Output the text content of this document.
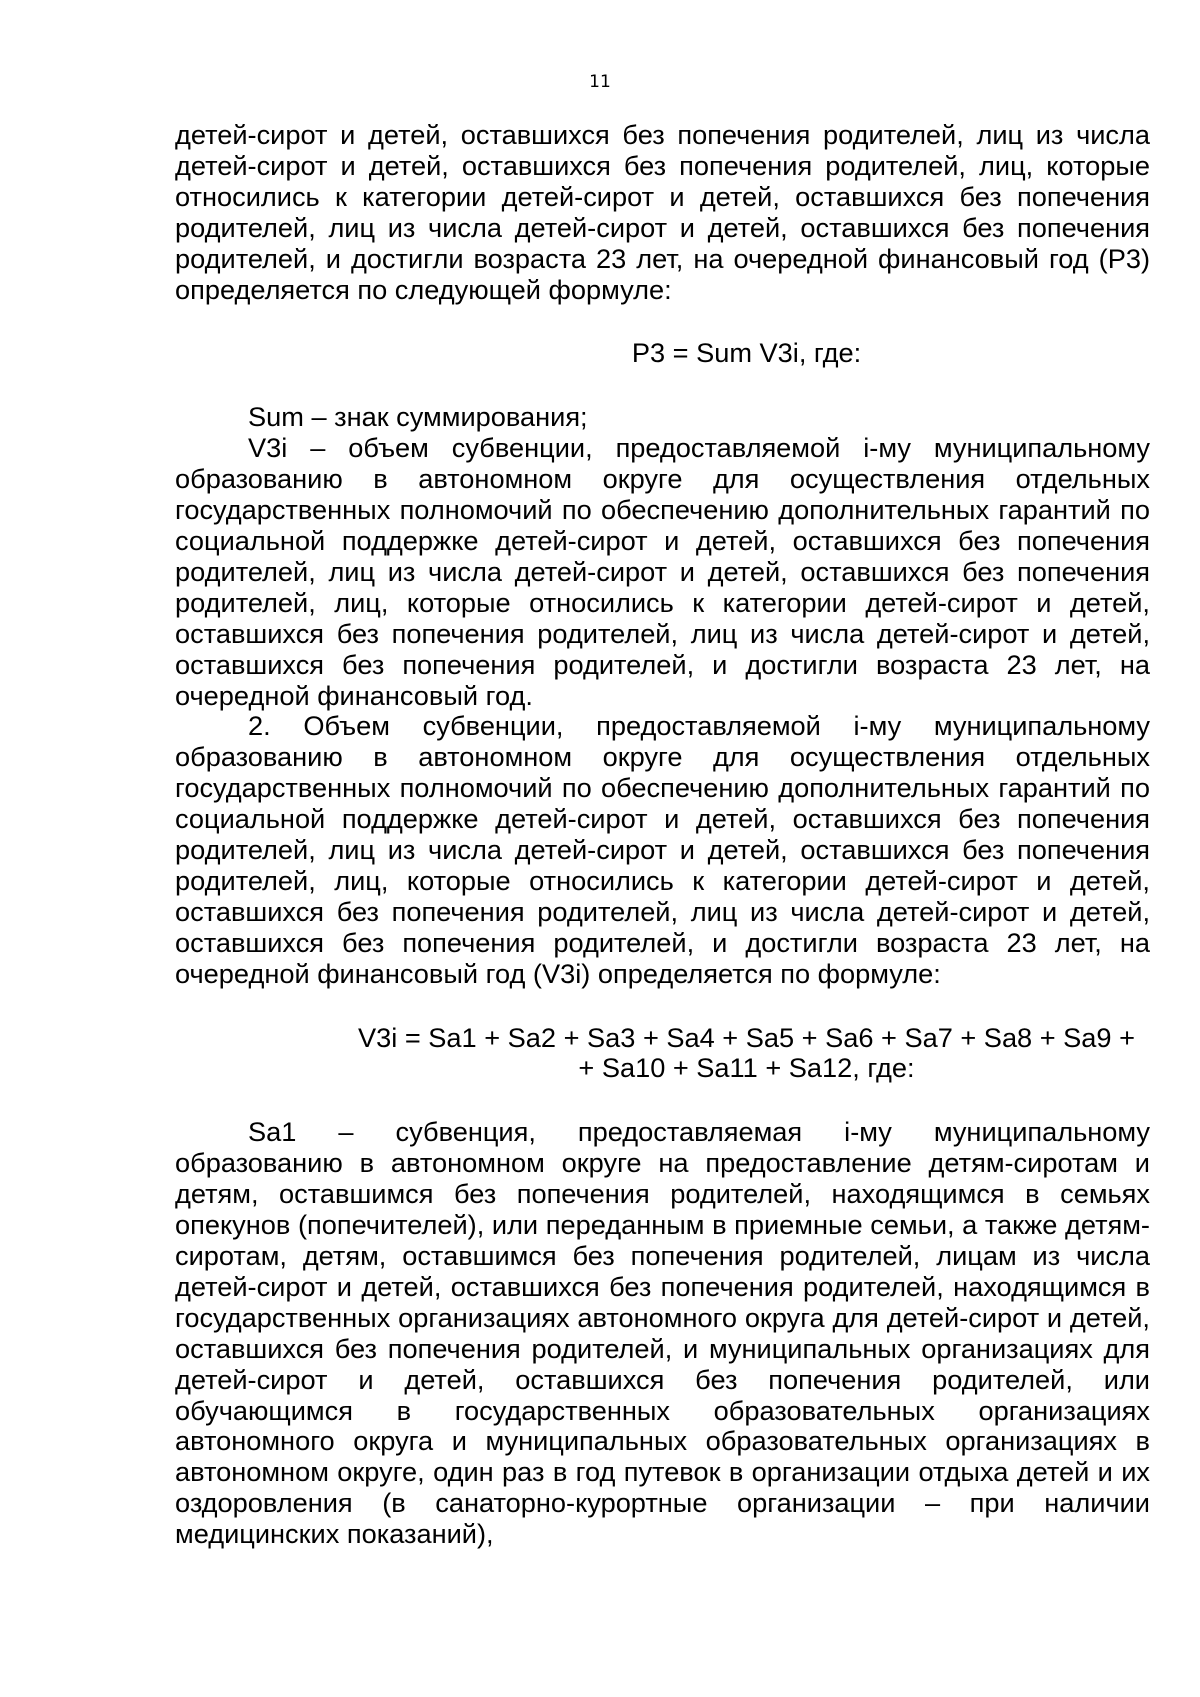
11

детей-сирот и детей, оставшихся без попечения родителей, лиц из числа детей-сирот и детей, оставшихся без попечения родителей, лиц, которые относились к категории детей-сирот и детей, оставшихся без попечения родителей, лиц из числа детей-сирот и детей, оставшихся без попечения родителей, и достигли возраста 23 лет, на очередной финансовый год (Р3) определяется по следующей формуле:

Р3 = Sum V3i, где:

Sum – знак суммирования;

V3i – объем субвенции, предоставляемой i-му муниципальному образованию в автономном округе для осуществления отдельных государственных полномочий по обеспечению дополнительных гарантий по социальной поддержке детей-сирот и детей, оставшихся без попечения родителей, лиц из числа детей-сирот и детей, оставшихся без попечения родителей, лиц, которые относились к категории детей-сирот и детей, оставшихся без попечения родителей, лиц из числа детей-сирот и детей, оставшихся без попечения родителей, и достигли возраста 23 лет, на очередной финансовый год.

2. Объем субвенции, предоставляемой i-му муниципальному образованию в автономном округе для осуществления отдельных государственных полномочий по обеспечению дополнительных гарантий по социальной поддержке детей-сирот и детей, оставшихся без попечения родителей, лиц из числа детей-сирот и детей, оставшихся без попечения родителей, лиц, которые относились к категории детей-сирот и детей, оставшихся без попечения родителей, лиц из числа детей-сирот и детей, оставшихся без попечения родителей, и достигли возраста 23 лет, на очередной финансовый год (V3i) определяется по формуле:

V3i = Sa1 + Sa2 + Sa3 + Sa4 + Sa5 + Sa6 + Sa7 + Sa8 + Sa9 +
+ Sa10 + Sa11 + Sa12, где:

Sa1 – субвенция, предоставляемая i-му муниципальному образованию в автономном округе на предоставление детям-сиротам и детям, оставшимся без попечения родителей, находящимся в семьях опекунов (попечителей), или переданным в приемные семьи, а также детям-сиротам, детям, оставшимся без попечения родителей, лицам из числа детей-сирот и детей, оставшихся без попечения родителей, находящимся в государственных организациях автономного округа для детей-сирот и детей, оставшихся без попечения родителей, и муниципальных организациях для детей-сирот и детей, оставшихся без попечения родителей, или обучающимся в государственных образовательных организациях автономного округа и муниципальных образовательных организациях в автономном округе, один раз в год путевок в организации отдыха детей и их оздоровления (в санаторно-курортные организации – при наличии медицинских показаний),
